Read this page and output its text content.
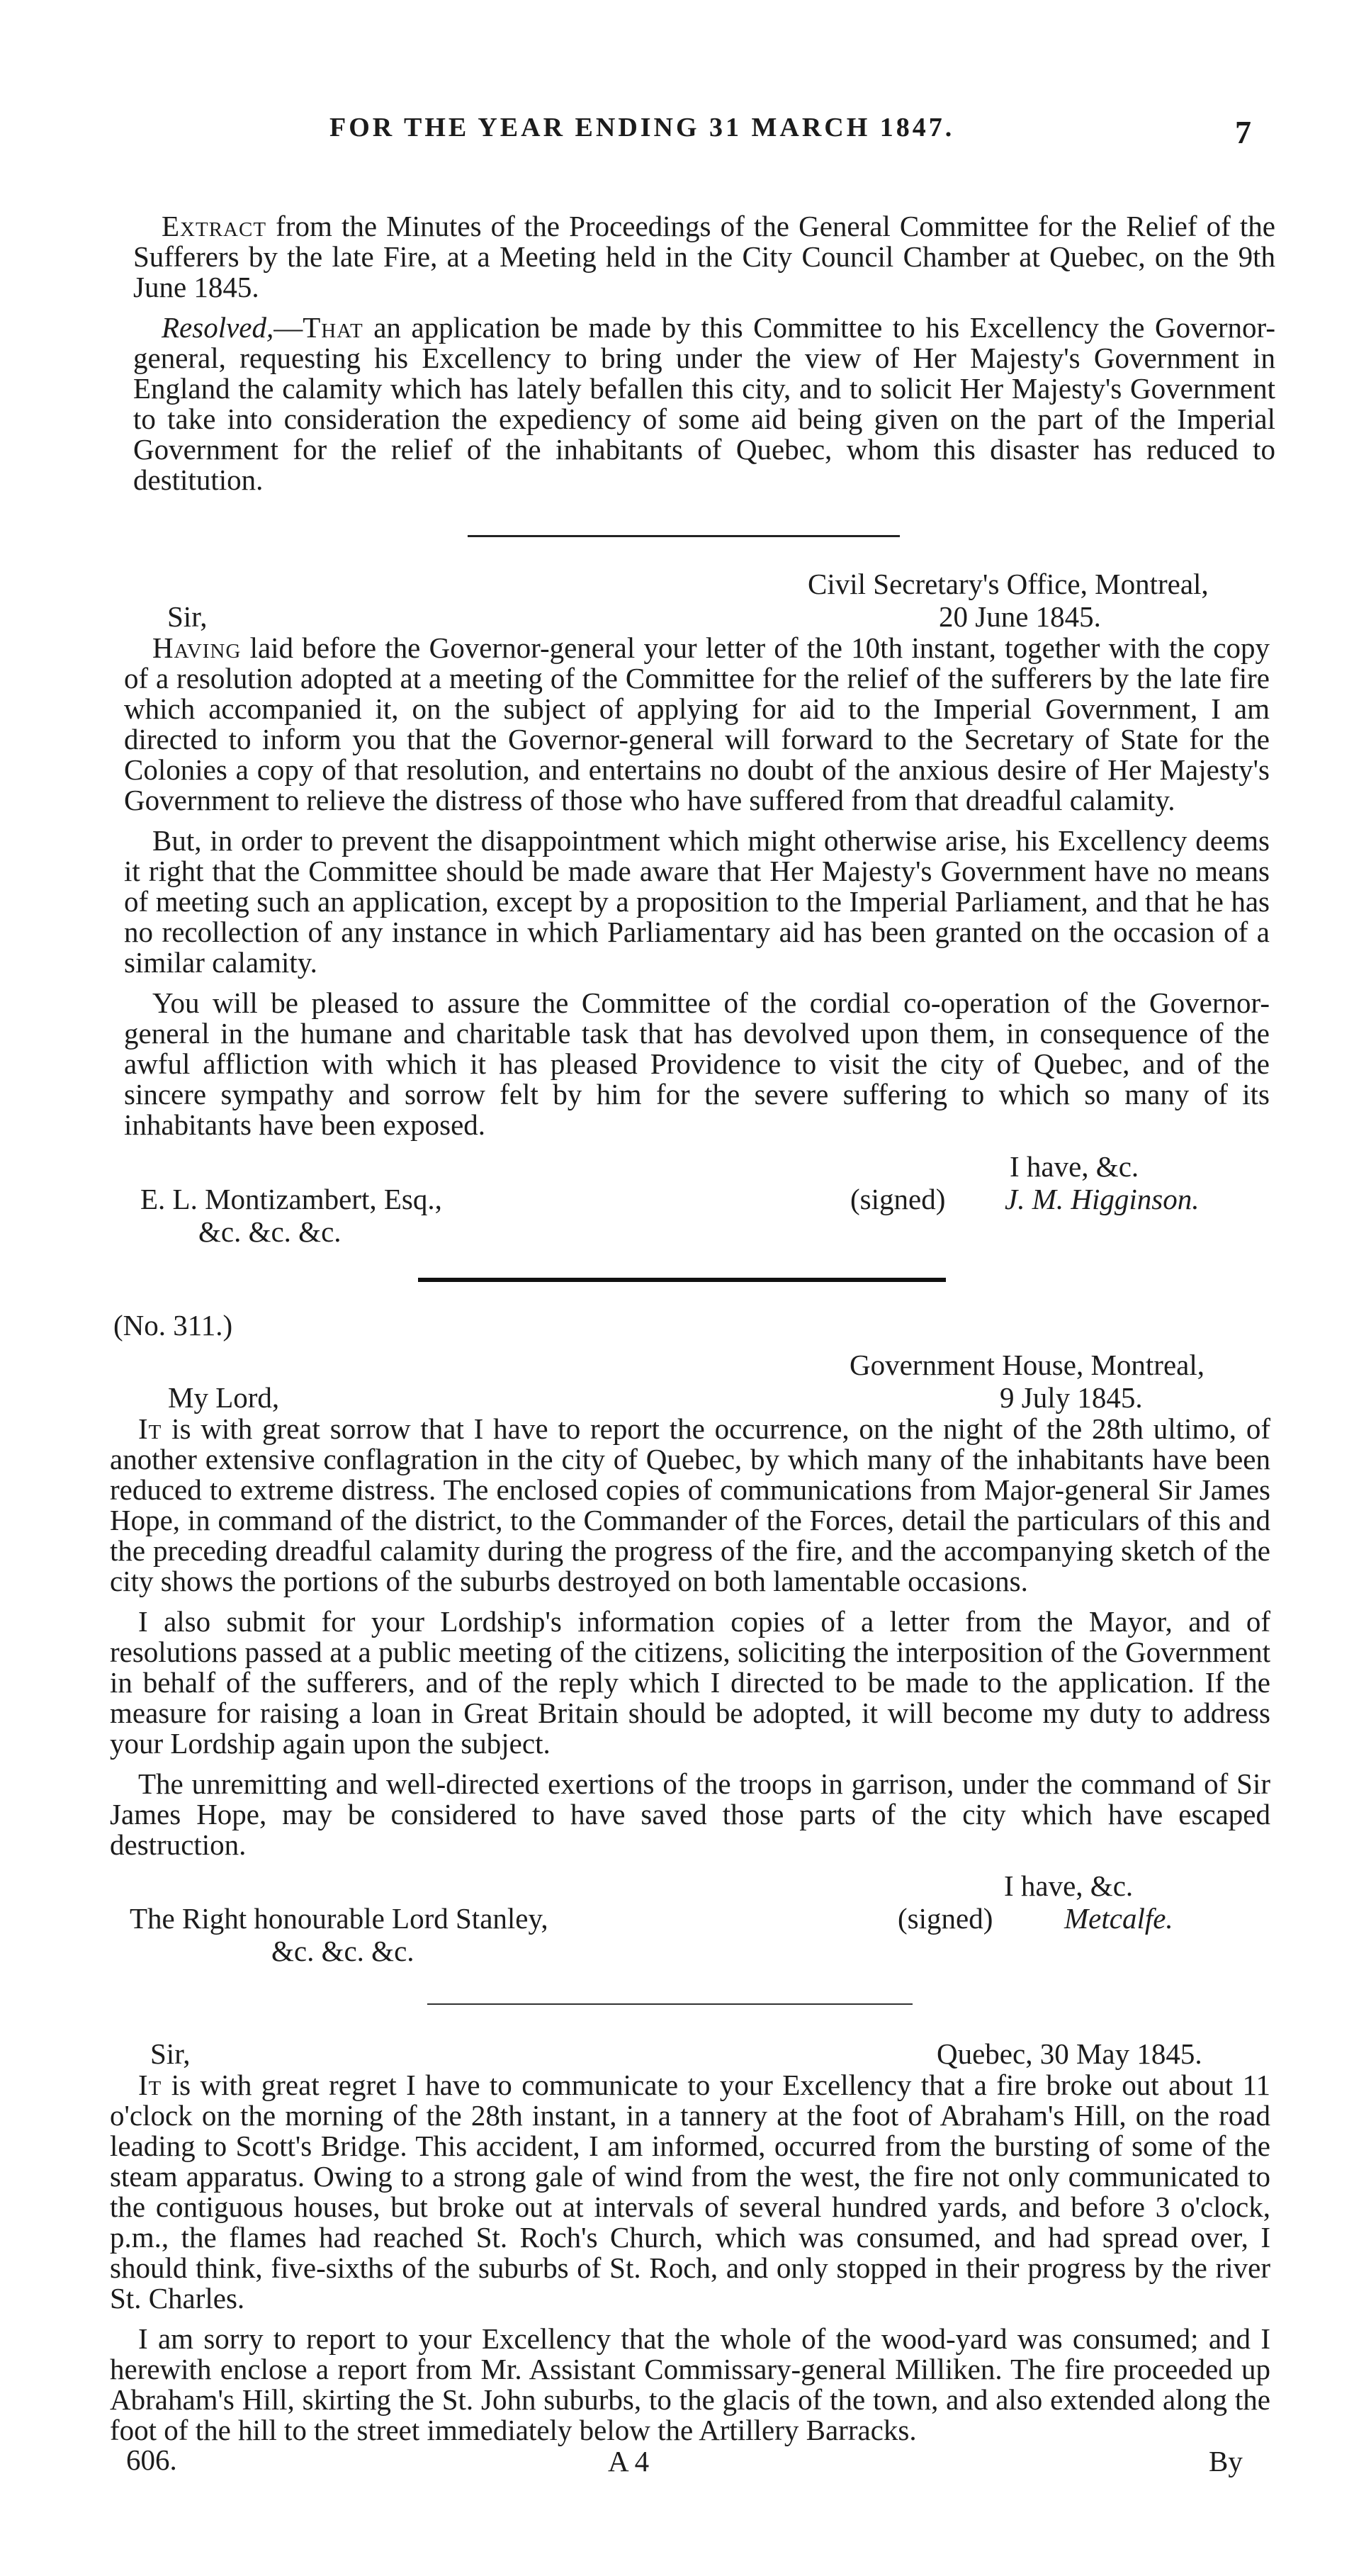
FOR THE YEAR ENDING 31 MARCH 1847.	7

Extract from the Minutes of the Proceedings of the General Committee for the Relief of the Sufferers by the late Fire, at a Meeting held in the City Council Chamber at Quebec, on the 9th June 1845.

Resolved,—That an application be made by this Committee to his Excellency the Governor-general, requesting his Excellency to bring under the view of Her Majesty's Government in England the calamity which has lately befallen this city, and to solicit Her Majesty's Government to take into consideration the expediency of some aid being given on the part of the Imperial Government for the relief of the inhabitants of Quebec, whom this disaster has reduced to destitution.

Civil Secretary's Office, Montreal,
Sir,	20 June 1845.

Having laid before the Governor-general your letter of the 10th instant, together with the copy of a resolution adopted at a meeting of the Committee for the relief of the sufferers by the late fire which accompanied it, on the subject of applying for aid to the Imperial Government, I am directed to inform you that the Governor-general will forward to the Secretary of State for the Colonies a copy of that resolution, and entertains no doubt of the anxious desire of Her Majesty's Government to relieve the distress of those who have suffered from that dreadful calamity.

But, in order to prevent the disappointment which might otherwise arise, his Excellency deems it right that the Committee should be made aware that Her Majesty's Government have no means of meeting such an application, except by a proposition to the Imperial Parliament, and that he has no recollection of any instance in which Parliamentary aid has been granted on the occasion of a similar calamity.

You will be pleased to assure the Committee of the cordial co-operation of the Governor-general in the humane and charitable task that has devolved upon them, in consequence of the awful affliction with which it has pleased Providence to visit the city of Quebec, and of the sincere sympathy and sorrow felt by him for the severe suffering to which so many of its inhabitants have been exposed.

I have, &c.
E. L. Montizambert, Esq.,	(signed) J. M. Higginson.
&c. &c. &c.
(No. 311.)
Government House, Montreal,
My Lord,	9 July 1845.

It is with great sorrow that I have to report the occurrence, on the night of the 28th ultimo, of another extensive conflagration in the city of Quebec, by which many of the inhabitants have been reduced to extreme distress. The enclosed copies of communications from Major-general Sir James Hope, in command of the district, to the Commander of the Forces, detail the particulars of this and the preceding dreadful calamity during the progress of the fire, and the accompanying sketch of the city shows the portions of the suburbs destroyed on both lamentable occasions.

I also submit for your Lordship's information copies of a letter from the Mayor, and of resolutions passed at a public meeting of the citizens, soliciting the interposition of the Government in behalf of the sufferers, and of the reply which I directed to be made to the application. If the measure for raising a loan in Great Britain should be adopted, it will become my duty to address your Lordship again upon the subject.

The unremitting and well-directed exertions of the troops in garrison, under the command of Sir James Hope, may be considered to have saved those parts of the city which have escaped destruction.

I have, &c.
The Right honourable Lord Stanley,	(signed) Metcalfe.
&c. &c. &c.
Sir,	Quebec, 30 May 1845.

It is with great regret I have to communicate to your Excellency that a fire broke out about 11 o'clock on the morning of the 28th instant, in a tannery at the foot of Abraham's Hill, on the road leading to Scott's Bridge. This accident, I am informed, occurred from the bursting of some of the steam apparatus. Owing to a strong gale of wind from the west, the fire not only communicated to the contiguous houses, but broke out at intervals of several hundred yards, and before 3 o'clock, p.m., the flames had reached St. Roch's Church, which was consumed, and had spread over, I should think, five-sixths of the suburbs of St. Roch, and only stopped in their progress by the river St. Charles.

I am sorry to report to your Excellency that the whole of the wood-yard was consumed; and I herewith enclose a report from Mr. Assistant Commissary-general Milliken. The fire proceeded up Abraham's Hill, skirting the St. John suburbs, to the glacis of the town, and also extended along the foot of the hill to the street immediately below the Artillery Barracks.

606.	A 4	By
